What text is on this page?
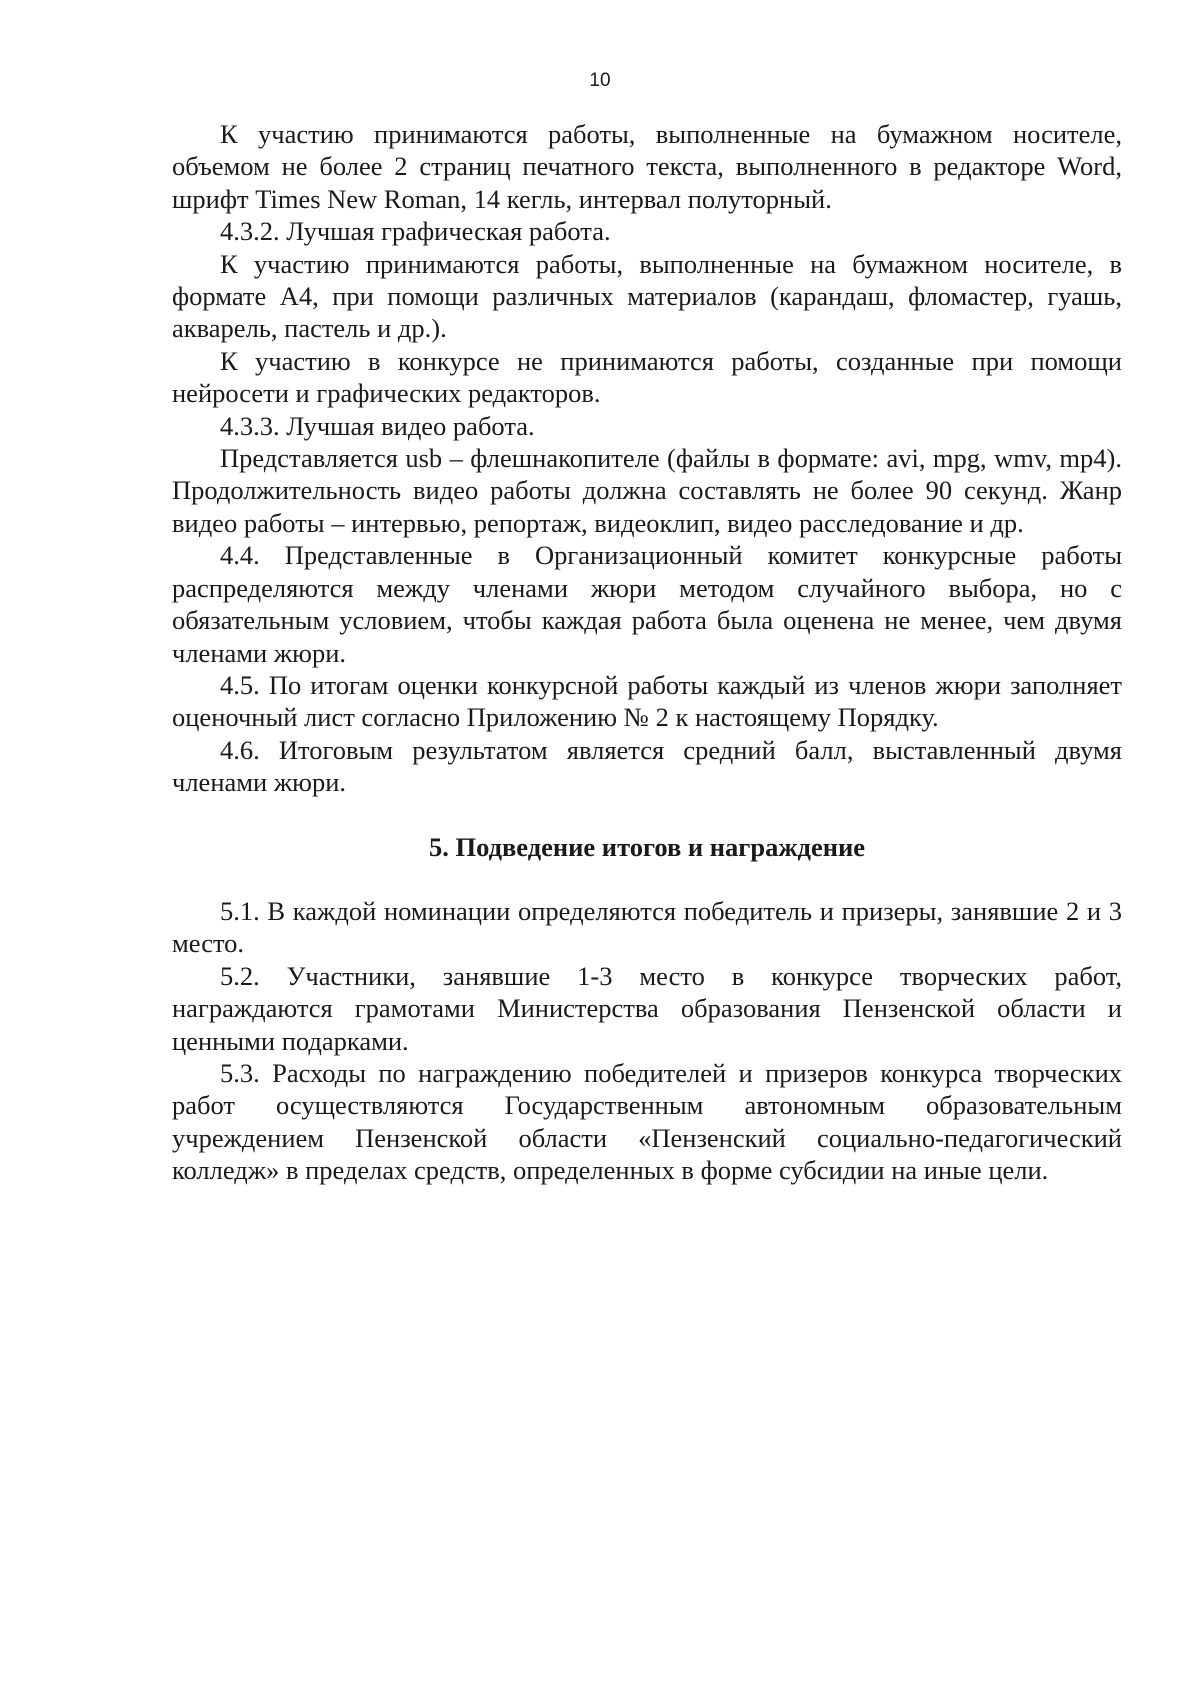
10

К участию принимаются работы, выполненные на бумажном носителе, объемом не более 2 страниц печатного текста, выполненного в редакторе Word, шрифт Times New Roman, 14 кегль, интервал полуторный.

4.3.2. Лучшая графическая работа.

К участию принимаются работы, выполненные на бумажном носителе, в формате А4, при помощи различных материалов (карандаш, фломастер, гуашь, акварель, пастель и др.).

К участию в конкурсе не принимаются работы, созданные при помощи нейросети и графических редакторов.

4.3.3. Лучшая видео работа.

Представляется usb – флешнакопителе (файлы в формате: avi, mpg, wmv, mp4). Продолжительность видео работы должна составлять не более 90 секунд. Жанр видео работы – интервью, репортаж, видеоклип, видео расследование и др.

4.4. Представленные в Организационный комитет конкурсные работы распределяются между членами жюри методом случайного выбора, но с обязательным условием, чтобы каждая работа была оценена не менее, чем двумя членами жюри.

4.5. По итогам оценки конкурсной работы каждый из членов жюри заполняет оценочный лист согласно Приложению № 2 к настоящему Порядку.

4.6. Итоговым результатом является средний балл, выставленный двумя членами жюри.

5. Подведение итогов и награждение

5.1. В каждой номинации определяются победитель и призеры, занявшие 2 и 3 место.

5.2. Участники, занявшие 1-3 место в конкурсе творческих работ, награждаются грамотами Министерства образования Пензенской области и ценными подарками.

5.3. Расходы по награждению победителей и призеров конкурса творческих работ осуществляются Государственным автономным образовательным учреждением Пензенской области «Пензенский социально-педагогический колледж» в пределах средств, определенных в форме субсидии на иные цели.
